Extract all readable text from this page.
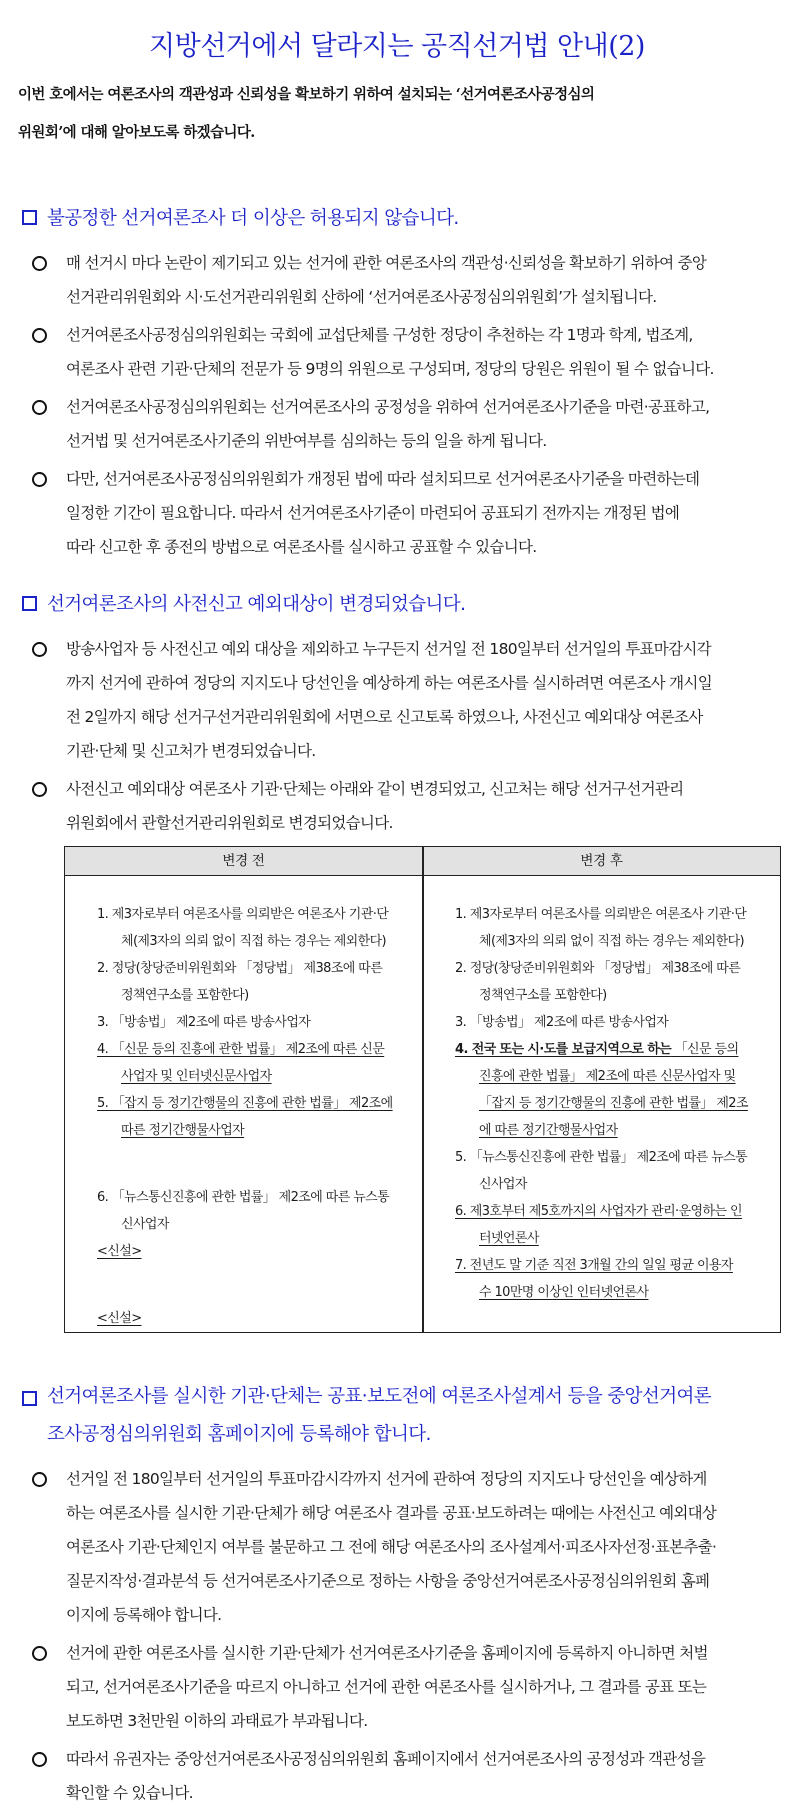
지방선거에서 달라지는 공직선거법 안내(2)

이번 호에서는 여론조사의 객관성과 신뢰성을 확보하기 위하여 설치되는 ‘선거여론조사공정심의

위원회’에 대해 알아보도록 하겠습니다.

불공정한 선거여론조사 더 이상은 허용되지 않습니다.
매 선거시 마다 논란이 제기되고 있는 선거에 관한 여론조사의 객관성·신뢰성을 확보하기 위하여 중앙
선거관리위원회와 시·도선거관리위원회 산하에 ‘선거여론조사공정심의위원회’가 설치됩니다.
선거여론조사공정심의위원회는 국회에 교섭단체를 구성한 정당이 추천하는 각 1명과 학계, 법조계,
여론조사 관련 기관·단체의 전문가 등 9명의 위원으로 구성되며, 정당의 당원은 위원이 될 수 없습니다.
선거여론조사공정심의위원회는 선거여론조사의 공정성을 위하여 선거여론조사기준을 마련·공표하고,
선거법 및 선거여론조사기준의 위반여부를 심의하는 등의 일을 하게 됩니다.
다만, 선거여론조사공정심의위원회가 개정된 법에 따라 설치되므로 선거여론조사기준을 마련하는데
일정한 기간이 필요합니다. 따라서 선거여론조사기준이 마련되어 공표되기 전까지는 개정된 법에
따라 신고한 후 종전의 방법으로 여론조사를 실시하고 공표할 수 있습니다.
선거여론조사의 사전신고 예외대상이 변경되었습니다.
방송사업자 등 사전신고 예외 대상을 제외하고 누구든지 선거일 전 180일부터 선거일의 투표마감시각
까지 선거에 관하여 정당의 지지도나 당선인을 예상하게 하는 여론조사를 실시하려면 여론조사 개시일
전 2일까지 해당 선거구선거관리위원회에 서면으로 신고토록 하였으나, 사전신고 예외대상 여론조사
기관·단체 및 신고처가 변경되었습니다.
사전신고 예외대상 여론조사 기관·단체는 아래와 같이 변경되었고, 신고처는 해당 선거구선거관리
위원회에서 관할선거관리위원회로 변경되었습니다.
변경 전	변경 후
1. 제3자로부터 여론조사를 의뢰받은 여론조사 기관·단
체(제3자의 의뢰 없이 직접 하는 경우는 제외한다)
2. 정당(창당준비위원회와 「정당법」 제38조에 따른
정책연구소를 포함한다)
3. 「방송법」 제2조에 따른 방송사업자
4. 「신문 등의 진흥에 관한 법률」 제2조에 따른 신문
사업자 및 인터넷신문사업자
5. 「잡지 등 정기간행물의 진흥에 관한 법률」 제2조에
따른 정기간행물사업자
6. 「뉴스통신진흥에 관한 법률」 제2조에 따른 뉴스통
신사업자
<신설>
<신설>
1. 제3자로부터 여론조사를 의뢰받은 여론조사 기관·단
체(제3자의 의뢰 없이 직접 하는 경우는 제외한다)
2. 정당(창당준비위원회와 「정당법」 제38조에 따른
정책연구소를 포함한다)
3. 「방송법」 제2조에 따른 방송사업자
4. 전국 또는 시·도를 보급지역으로 하는 「신문 등의
진흥에 관한 법률」 제2조에 따른 신문사업자 및
「잡지 등 정기간행물의 진흥에 관한 법률」 제2조
에 따른 정기간행물사업자
5. 「뉴스통신진흥에 관한 법률」 제2조에 따른 뉴스통
신사업자
6. 제3호부터 제5호까지의 사업자가 관리·운영하는 인
터넷언론사
7. 전년도 말 기준 직전 3개월 간의 일일 평균 이용자
수 10만명 이상인 인터넷언론사
선거여론조사를 실시한 기관·단체는 공표·보도전에 여론조사설계서 등을 중앙선거여론
조사공정심의위원회 홈페이지에 등록해야 합니다.
선거일 전 180일부터 선거일의 투표마감시각까지 선거에 관하여 정당의 지지도나 당선인을 예상하게
하는 여론조사를 실시한 기관·단체가 해당 여론조사 결과를 공표·보도하려는 때에는 사전신고 예외대상
여론조사 기관·단체인지 여부를 불문하고 그 전에 해당 여론조사의 조사설계서·피조사자선정·표본추출·
질문지작성·결과분석 등 선거여론조사기준으로 정하는 사항을 중앙선거여론조사공정심의위원회 홈페
이지에 등록해야 합니다.
선거에 관한 여론조사를 실시한 기관·단체가 선거여론조사기준을 홈페이지에 등록하지 아니하면 처벌
되고, 선거여론조사기준을 따르지 아니하고 선거에 관한 여론조사를 실시하거나, 그 결과를 공표 또는
보도하면 3천만원 이하의 과태료가 부과됩니다.
따라서 유권자는 중앙선거여론조사공정심의위원회 홈페이지에서 선거여론조사의 공정성과 객관성을
확인할 수 있습니다.
